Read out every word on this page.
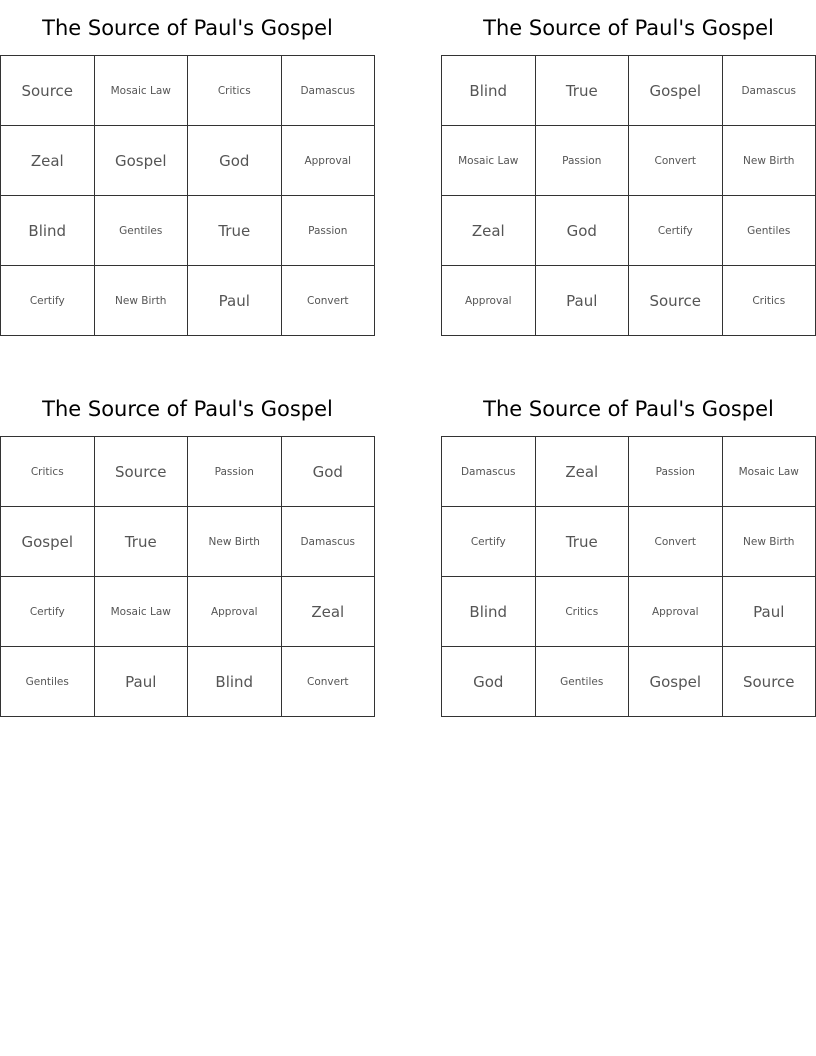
The Source of Paul's Gospel
Source	Mosaic Law	Critics	Damascus
Zeal	Gospel	God	Approval
Blind	Gentiles	True	Passion
Certify	New Birth	Paul	Convert
The Source of Paul's Gospel
Blind	True	Gospel	Damascus
Mosaic Law	Passion	Convert	New Birth
Zeal	God	Certify	Gentiles
Approval	Paul	Source	Critics
The Source of Paul's Gospel
Critics	Source	Passion	God
Gospel	True	New Birth	Damascus
Certify	Mosaic Law	Approval	Zeal
Gentiles	Paul	Blind	Convert
The Source of Paul's Gospel
Damascus	Zeal	Passion	Mosaic Law
Certify	True	Convert	New Birth
Blind	Critics	Approval	Paul
God	Gentiles	Gospel	Source
